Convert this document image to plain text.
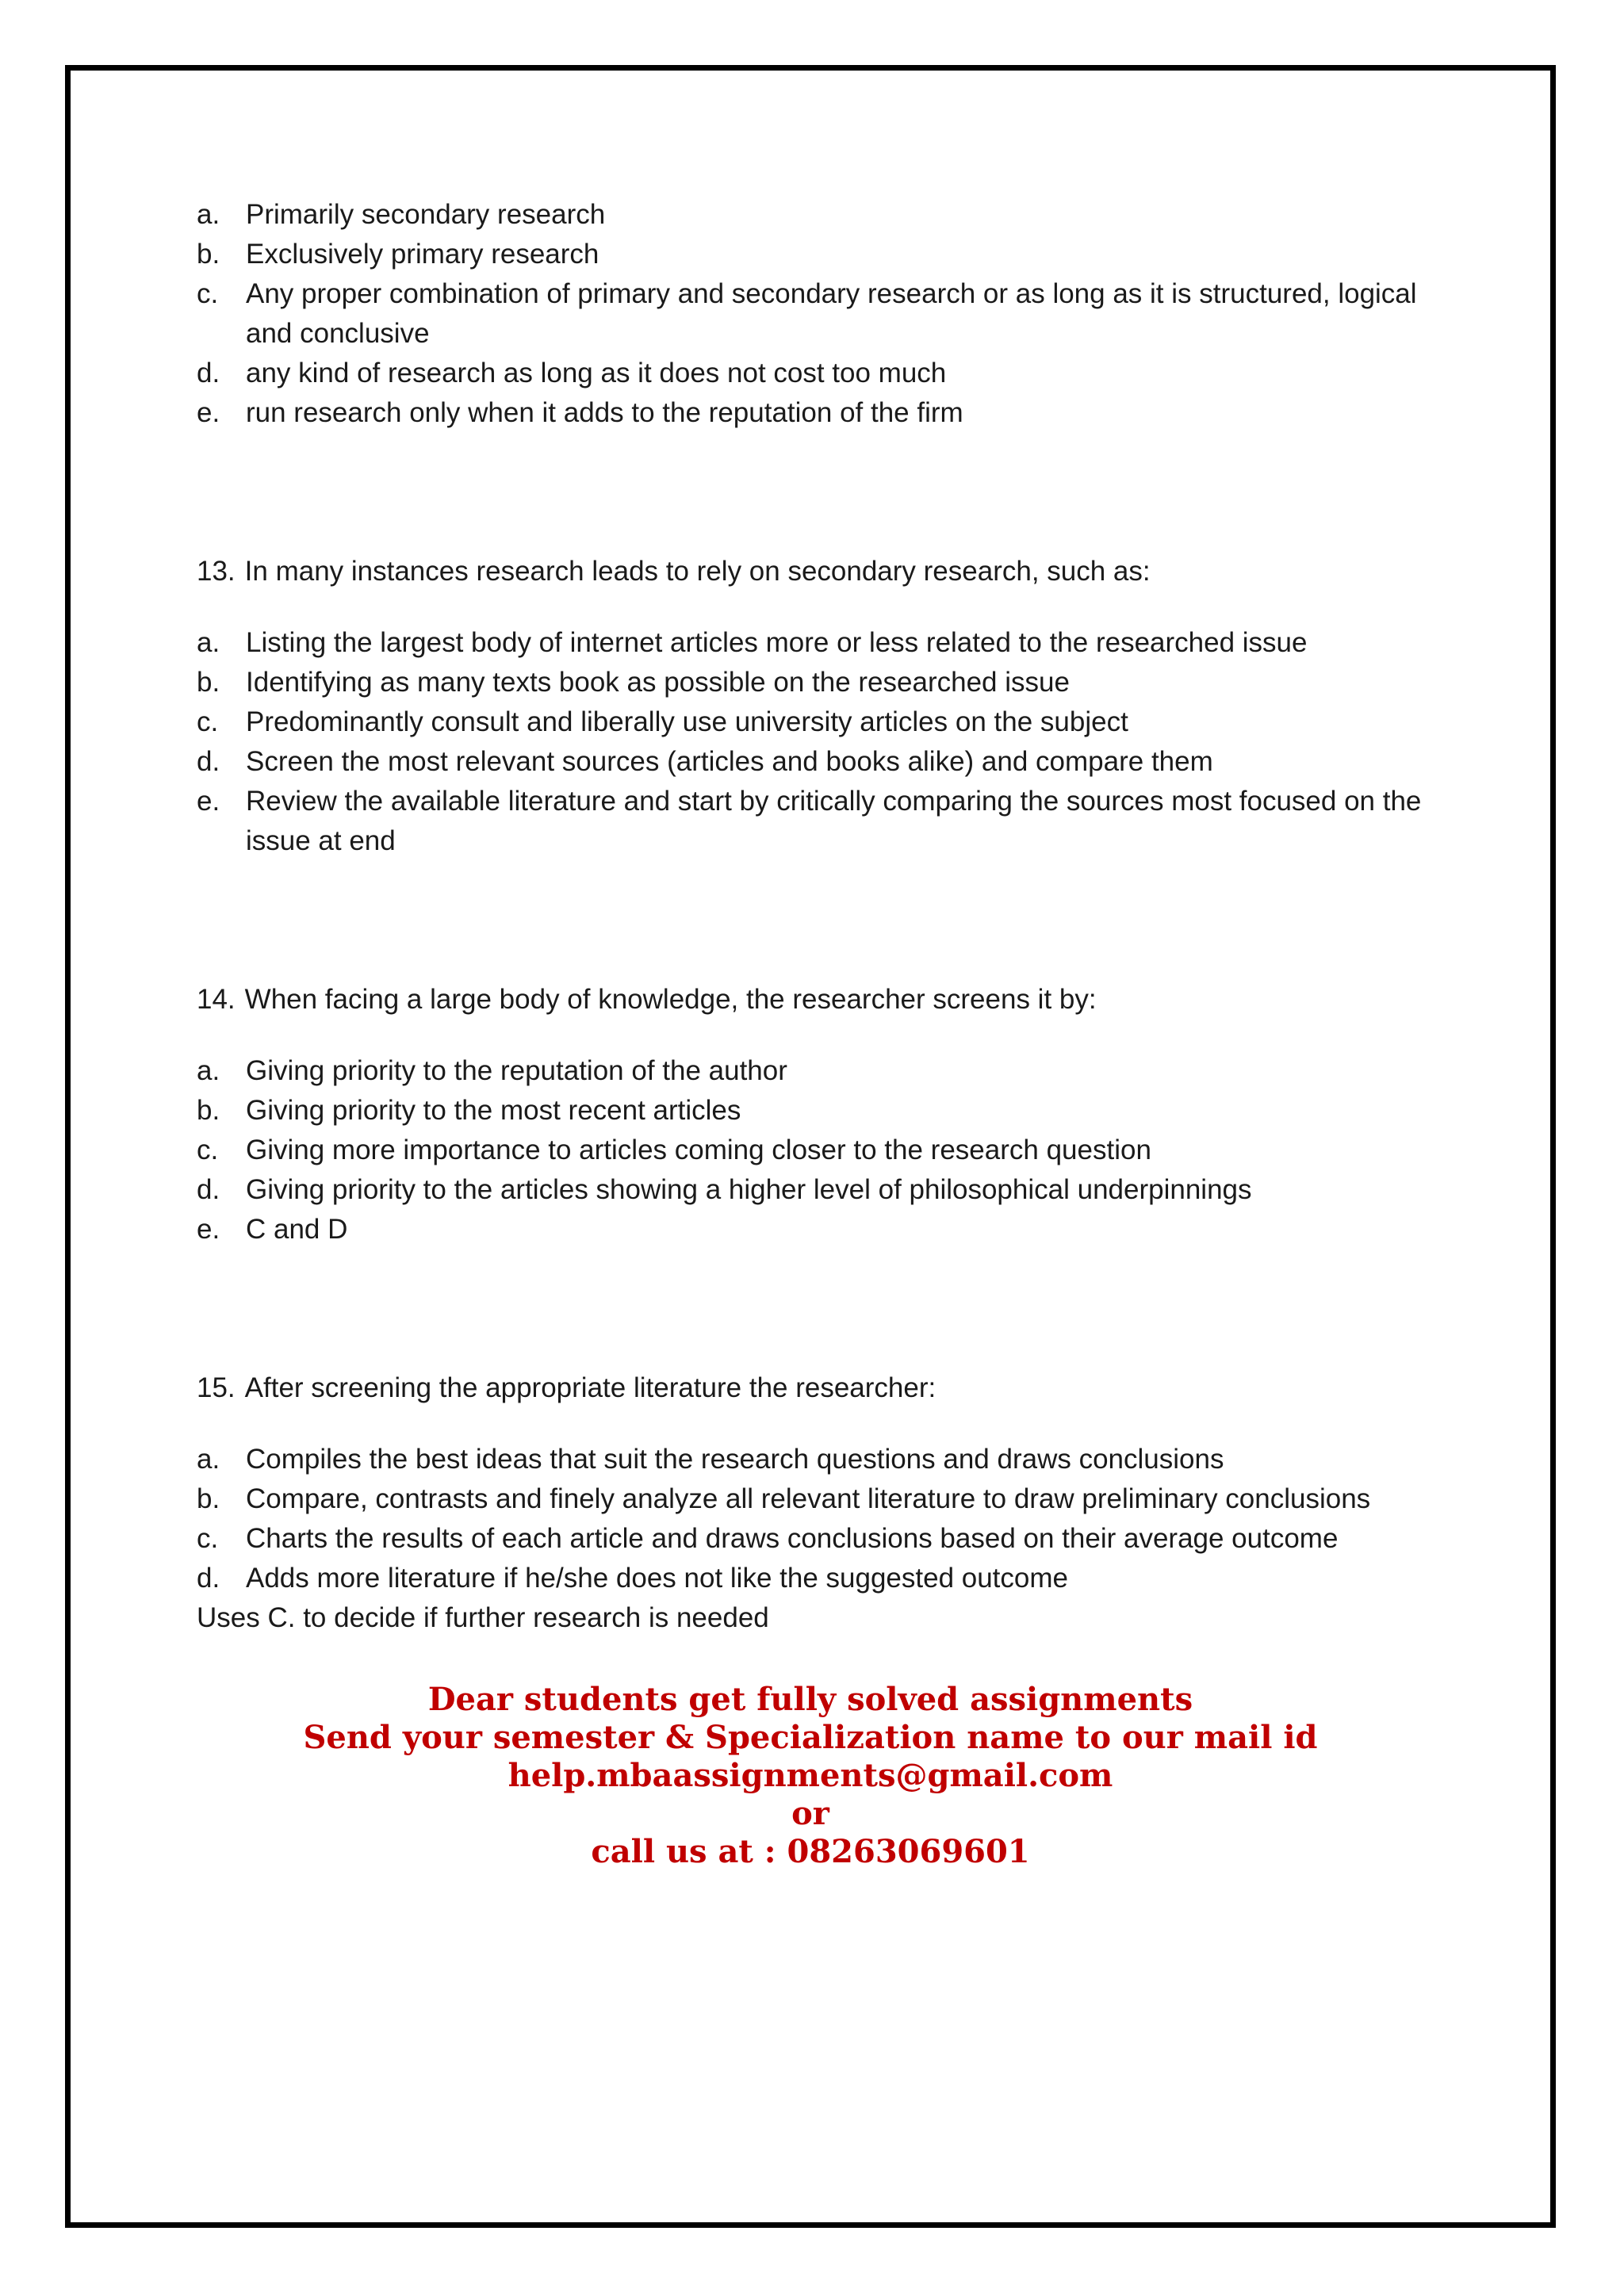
a. Primarily secondary research
b. Exclusively primary research
c. Any proper combination of primary and secondary research or as long as it is structured, logical and conclusive
d. any kind of research as long as it does not cost too much
e. run research only when it adds to the reputation of the firm

13. In many instances research leads to rely on secondary research, such as:

a. Listing the largest body of internet articles more or less related to the researched issue
b. Identifying as many texts book as possible on the researched issue
c. Predominantly consult and liberally use university articles on the subject
d. Screen the most relevant sources (articles and books alike) and compare them
e. Review the available literature and start by critically comparing the sources most focused on the issue at end

14. When facing a large body of knowledge, the researcher screens it by:

a. Giving priority to the reputation of the author
b. Giving priority to the most recent articles
c. Giving more importance to articles coming closer to the research question
d. Giving priority to the articles showing a higher level of philosophical underpinnings
e. C and D

15. After screening the appropriate literature the researcher:

a. Compiles the best ideas that suit the research questions and draws conclusions
b. Compare, contrasts and finely analyze all relevant literature to draw preliminary conclusions
c. Charts the results of each article and draws conclusions based on their average outcome
d. Adds more literature if he/she does not like the suggested outcome

Uses C. to decide if further research is needed

Dear students get fully solved assignments
Send your semester & Specialization name to our mail id
help.mbaassignments@gmail.com
or
call us at : 08263069601
